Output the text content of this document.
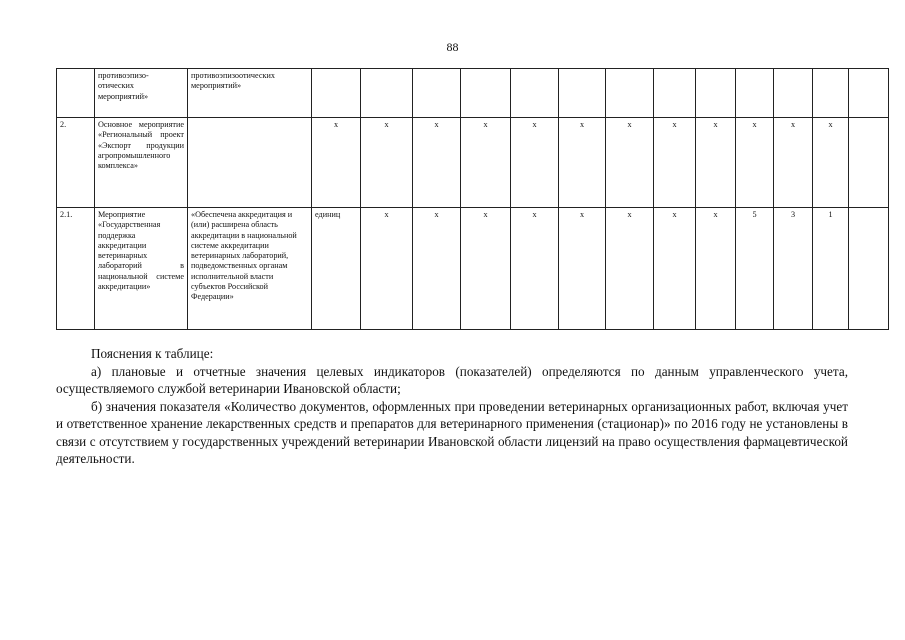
88
	противоэпизо-отических мероприятий»	противоэпизоотических мероприятий»													
2.	Основное мероприятие «Региональный проект «Экспорт продукции агропромышленного комплекса»		x	x	x	x	x	x	x	x	x	x	x	x	
2.1.	Мероприятие «Государственная поддержка аккредитации ветеринарных лабораторий в национальной системе аккредитации»	«Обеспечена аккредитация и (или) расширена область аккредитации в национальной системе аккредитации ветеринарных лабораторий, подведомственных органам исполнительной власти субъектов Российской Федерации»	единиц	x	x	x	x	x	x	x	x	5	3	1	

Пояснения к таблице:

а) плановые и отчетные значения целевых индикаторов (показателей) определяются по данным управленческого учета, осуществляемого службой ветеринарии Ивановской области;

б) значения показателя «Количество документов, оформленных при проведении ветеринарных организационных работ, включая учет и ответственное хранение лекарственных средств и препаратов для ветеринарного применения (стационар)» по 2016 году не установлены в связи с отсутствием у государственных учреждений ветеринарии Ивановской области лицензий на право осуществления фармацевтической деятельности.
